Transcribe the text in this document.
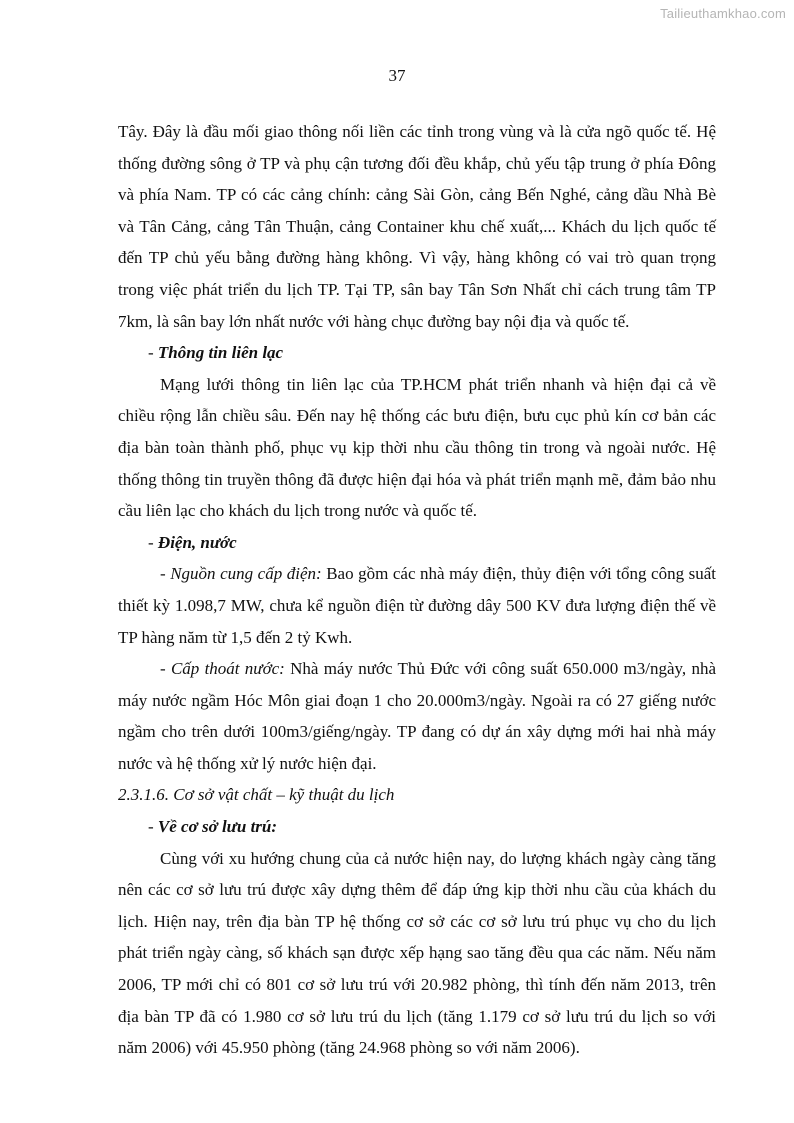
Tailieuthamkhao.com
37

Tây. Đây là đầu mối giao thông nối liền các tỉnh trong vùng và là cửa ngõ quốc tế. Hệ thống đường sông ở TP và phụ cận tương đối đều khắp, chủ yếu tập trung ở phía Đông và phía Nam. TP có các cảng chính: cảng Sài Gòn, cảng Bến Nghé, cảng dầu Nhà Bè và Tân Cảng, cảng Tân Thuận, cảng Container khu chế xuất,... Khách du lịch quốc tế đến TP chủ yếu bằng đường hàng không. Vì vậy, hàng không có vai trò quan trọng trong việc phát triển du lịch TP. Tại TP, sân bay Tân Sơn Nhất chỉ cách trung tâm TP 7km, là sân bay lớn nhất nước với hàng chục đường bay nội địa và quốc tế.

- Thông tin liên lạc

Mạng lưới thông tin liên lạc của TP.HCM phát triển nhanh và hiện đại cả về chiều rộng lẫn chiều sâu. Đến nay hệ thống các bưu điện, bưu cục phủ kín cơ bản các địa bàn toàn thành phố, phục vụ kịp thời nhu cầu thông tin trong và ngoài nước. Hệ thống thông tin truyền thông đã được hiện đại hóa và phát triển mạnh mẽ, đảm bảo nhu cầu liên lạc cho khách du lịch trong nước và quốc tế.

- Điện, nước

- Nguồn cung cấp điện: Bao gồm các nhà máy điện, thủy điện với tổng công suất thiết kỳ 1.098,7 MW, chưa kể nguồn điện từ đường dây 500 KV đưa lượng điện thế về TP hàng năm từ 1,5 đến 2 tỷ Kwh.

- Cấp thoát nước: Nhà máy nước Thủ Đức với công suất 650.000 m3/ngày, nhà máy nước ngầm Hóc Môn giai đoạn 1 cho 20.000m3/ngày. Ngoài ra có 27 giếng nước ngầm cho trên dưới 100m3/giếng/ngày. TP đang có dự án xây dựng mới hai nhà máy nước và hệ thống xử lý nước hiện đại.

2.3.1.6. Cơ sở vật chất – kỹ thuật du lịch

- Về cơ sở lưu trú:

Cùng với xu hướng chung của cả nước hiện nay, do lượng khách ngày càng tăng nên các cơ sở lưu trú được xây dựng thêm để đáp ứng kịp thời nhu cầu của khách du lịch. Hiện nay, trên địa bàn TP hệ thống cơ sở các cơ sở lưu trú phục vụ cho du lịch phát triển ngày càng, số khách sạn được xếp hạng sao tăng đều qua các năm. Nếu năm 2006, TP mới chỉ có 801 cơ sở lưu trú với 20.982 phòng, thì tính đến năm 2013, trên địa bàn TP đã có 1.980 cơ sở lưu trú du lịch (tăng 1.179 cơ sở lưu trú du lịch so với năm 2006) với 45.950 phòng (tăng 24.968 phòng so với năm 2006).
